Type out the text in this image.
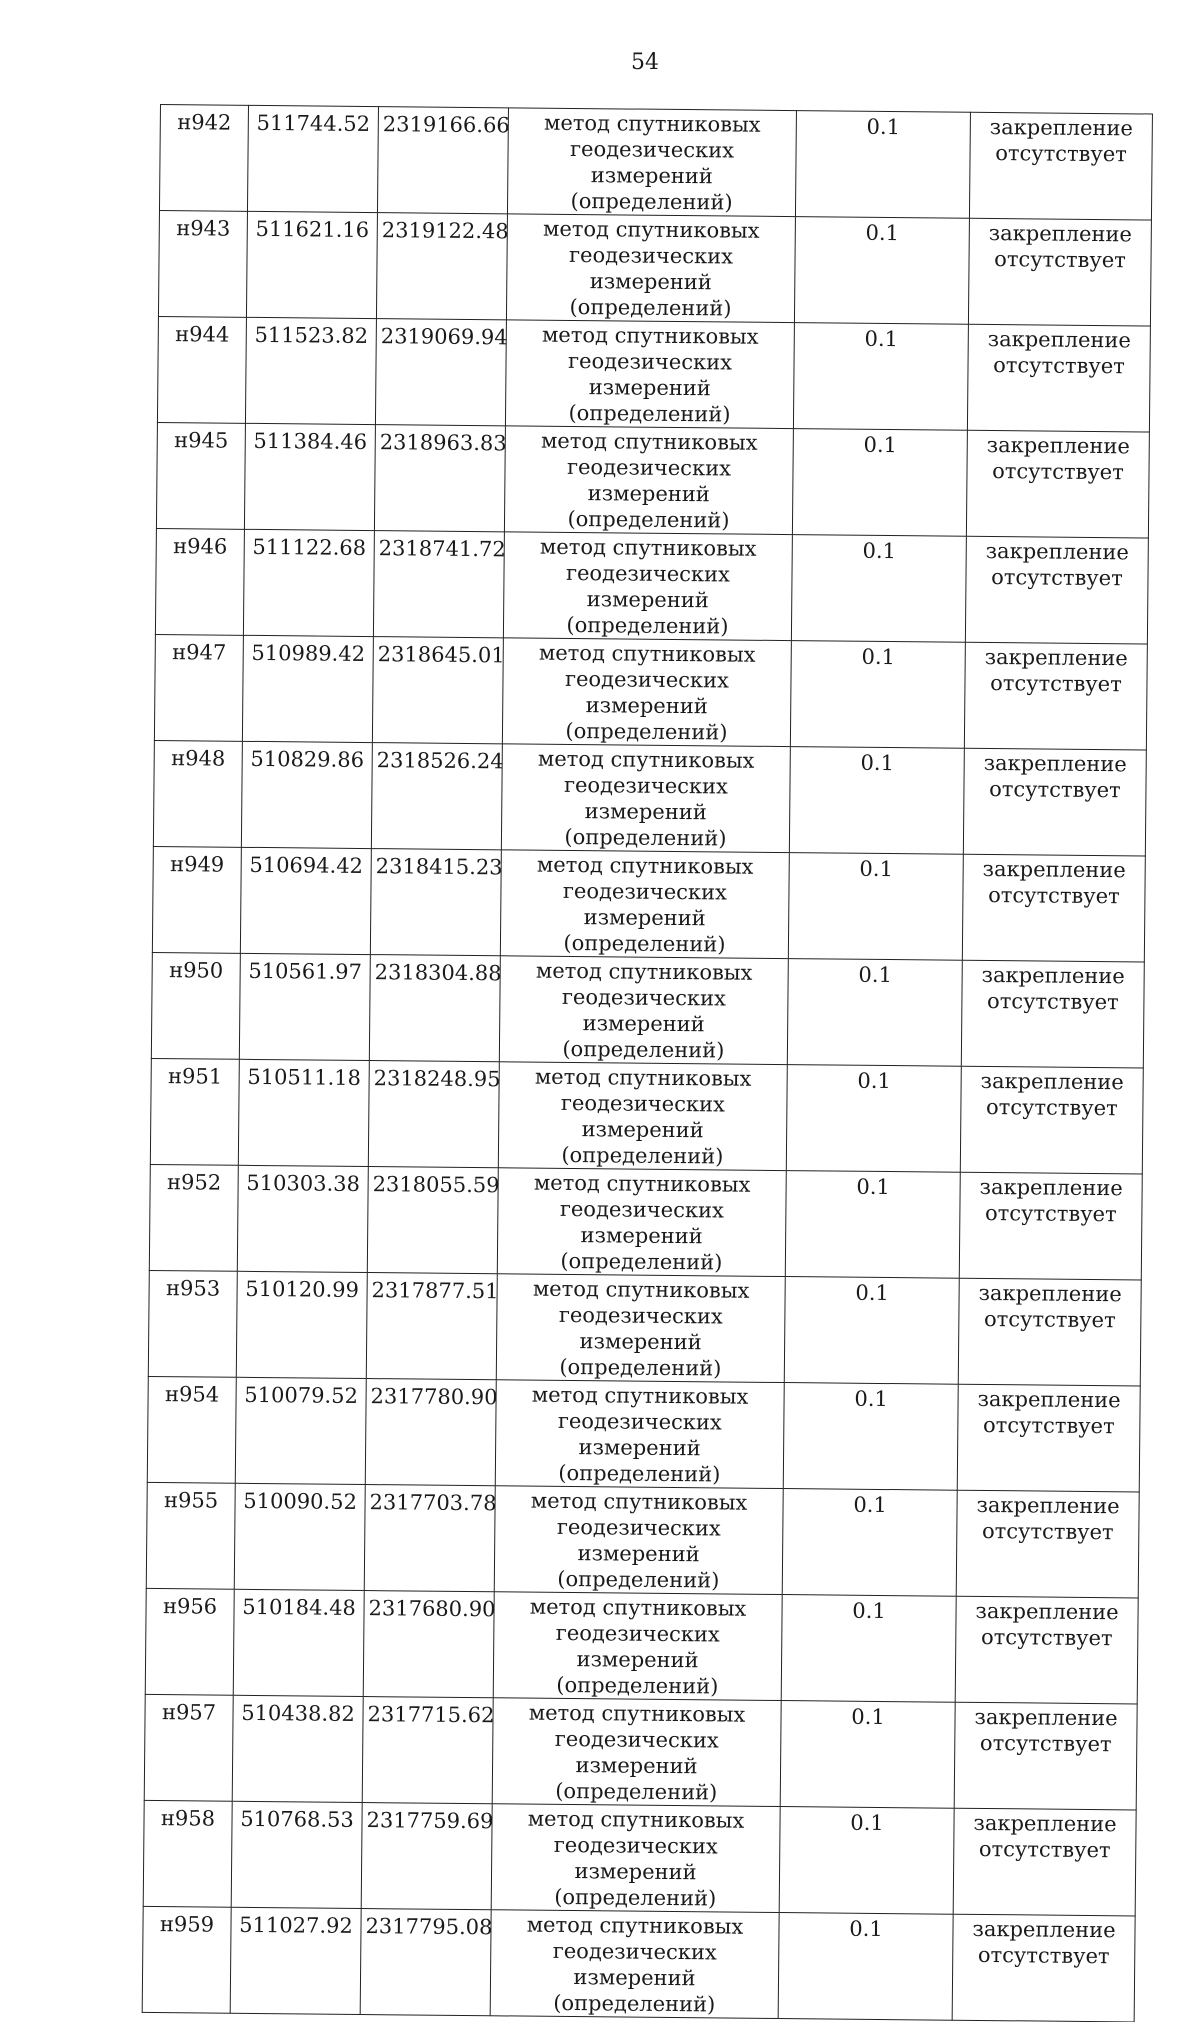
54
н942	511744.52	2319166.66	метод спутниковых
геодезических измерений
(определений)	0.1	закрепление
отсутствует

н943	511621.16	2319122.48	метод спутниковых
геодезических измерений
(определений)	0.1	закрепление
отсутствует

н944	511523.82	2319069.94	метод спутниковых
геодезических измерений
(определений)	0.1	закрепление
отсутствует

н945	511384.46	2318963.83	метод спутниковых
геодезических измерений
(определений)	0.1	закрепление
отсутствует

н946	511122.68	2318741.72	метод спутниковых
геодезических измерений
(определений)	0.1	закрепление
отсутствует

н947	510989.42	2318645.01	метод спутниковых
геодезических измерений
(определений)	0.1	закрепление
отсутствует

н948	510829.86	2318526.24	метод спутниковых
геодезических измерений
(определений)	0.1	закрепление
отсутствует

н949	510694.42	2318415.23	метод спутниковых
геодезических измерений
(определений)	0.1	закрепление
отсутствует

н950	510561.97	2318304.88	метод спутниковых
геодезических измерений
(определений)	0.1	закрепление
отсутствует

н951	510511.18	2318248.95	метод спутниковых
геодезических измерений
(определений)	0.1	закрепление
отсутствует

н952	510303.38	2318055.59	метод спутниковых
геодезических измерений
(определений)	0.1	закрепление
отсутствует

н953	510120.99	2317877.51	метод спутниковых
геодезических измерений
(определений)	0.1	закрепление
отсутствует

н954	510079.52	2317780.90	метод спутниковых
геодезических измерений
(определений)	0.1	закрепление
отсутствует

н955	510090.52	2317703.78	метод спутниковых
геодезических измерений
(определений)	0.1	закрепление
отсутствует

н956	510184.48	2317680.90	метод спутниковых
геодезических измерений
(определений)	0.1	закрепление
отсутствует

н957	510438.82	2317715.62	метод спутниковых
геодезических измерений
(определений)	0.1	закрепление
отсутствует

н958	510768.53	2317759.69	метод спутниковых
геодезических измерений
(определений)	0.1	закрепление
отсутствует

н959	511027.92	2317795.08	метод спутниковых
геодезических измерений
(определений)	0.1	закрепление
отсутствует
